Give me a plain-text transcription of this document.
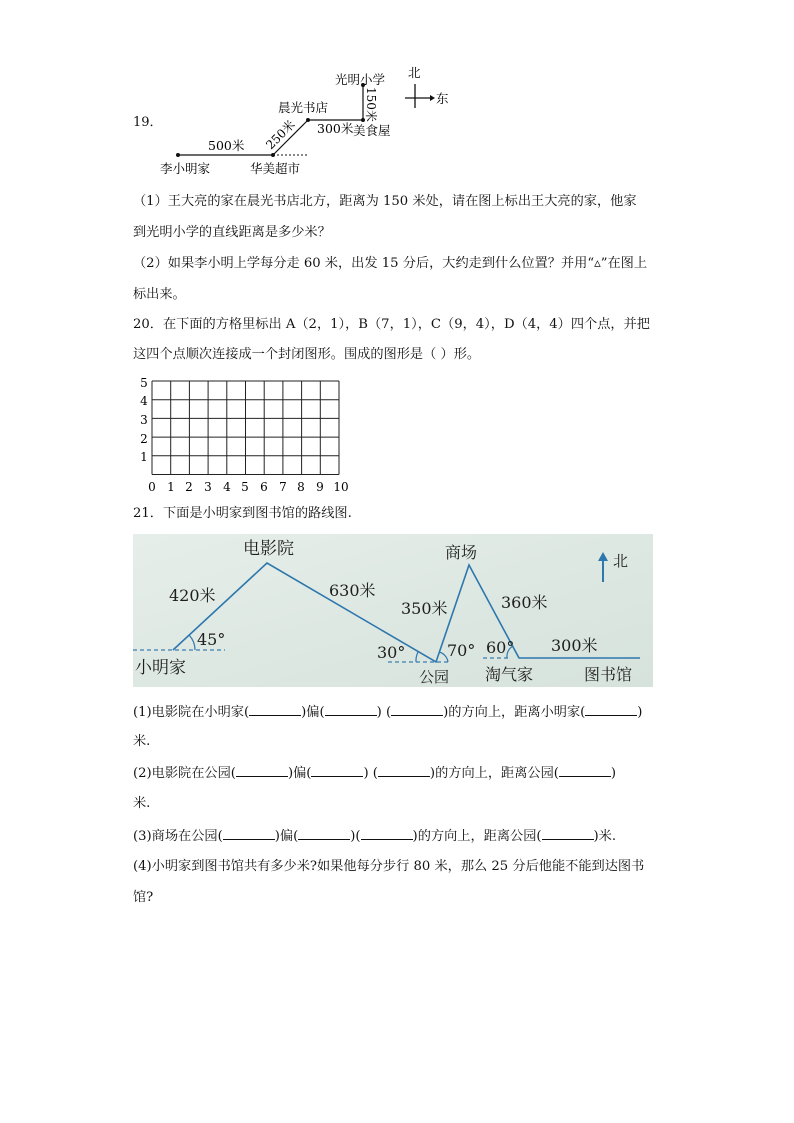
19．
光明小学 北
东
晨光书店	150米
250米 300米 美食屋
500米
李小明家	华美超市
（1）王大亮的家在晨光书店北方，距离为 150 米处，请在图上标出王大亮的家，他家
到光明小学的直线距离是多少米？
（2）如果李小明上学每分走 60 米，出发 15 分后，大约走到什么位置？并用“▵”在图上
标出来。
20．在下面的方格里标出 A（2，1），B（7，1），C（9，4），D（4，4）四个点，并把
这四个点顺次连接成一个封闭图形。围成的图形是（ ）形。
5
4
3
2
1
0 1 2 3 4 5 6 7 8 9 10
21．下面是小明家到图书馆的路线图.
电影院	商场	北
420米	630米
350米	360米
300米
45°
30°	70° 60°
小明家	公园 淘气家	图书馆
(1)电影院在小明家(	)偏(	) (	)的方向上，距离小明家(	)
米.
(2)电影院在公园(	)偏(	) (	)的方向上，距离公园(	)
米.
(3)商场在公园(	)偏(	)(	)的方向上，距离公园(	)米.
(4)小明家到图书馆共有多少米?如果他每分步行 80 米，那么 25 分后他能不能到达图书
馆?
